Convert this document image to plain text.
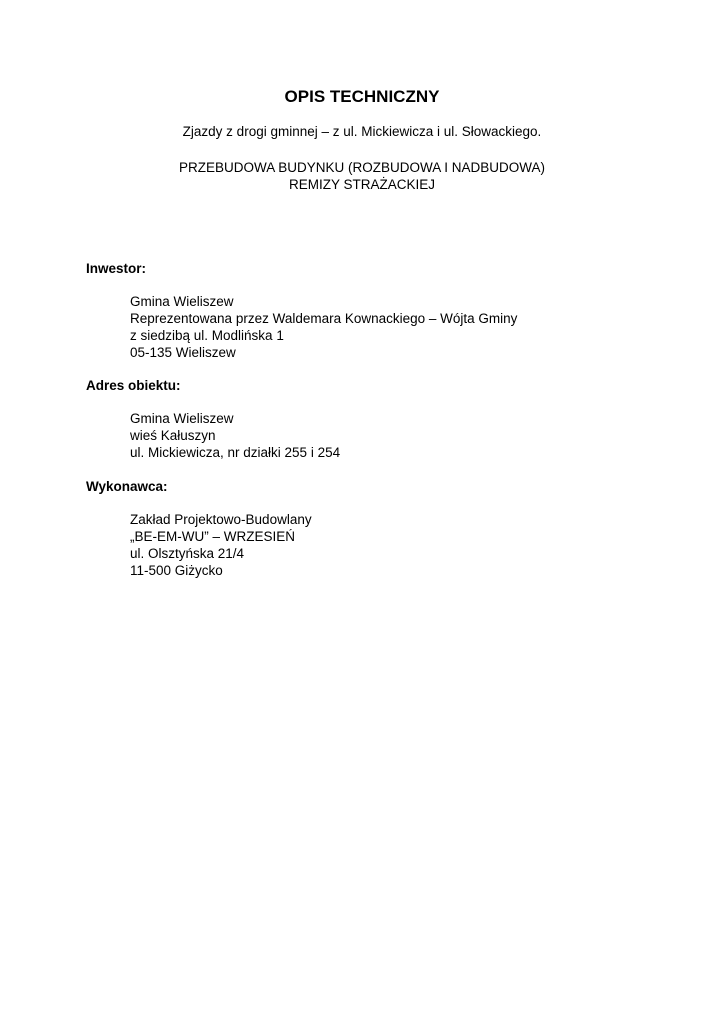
OPIS TECHNICZNY
Zjazdy z drogi gminnej – z ul. Mickiewicza i ul. Słowackiego.
PRZEBUDOWA BUDYNKU (ROZBUDOWA I NADBUDOWA)
REMIZY STRAŻACKIEJ
Inwestor:
Gmina Wieliszew
Reprezentowana przez Waldemara Kownackiego – Wójta Gminy
z siedzibą ul. Modlińska 1
05-135 Wieliszew
Adres obiektu:
Gmina Wieliszew
wieś Kałuszyn
ul. Mickiewicza, nr działki 255 i 254
Wykonawca:
Zakład Projektowo-Budowlany
„BE-EM-WU” – WRZESIEŃ
ul. Olsztyńska 21/4
11-500 Giżycko
